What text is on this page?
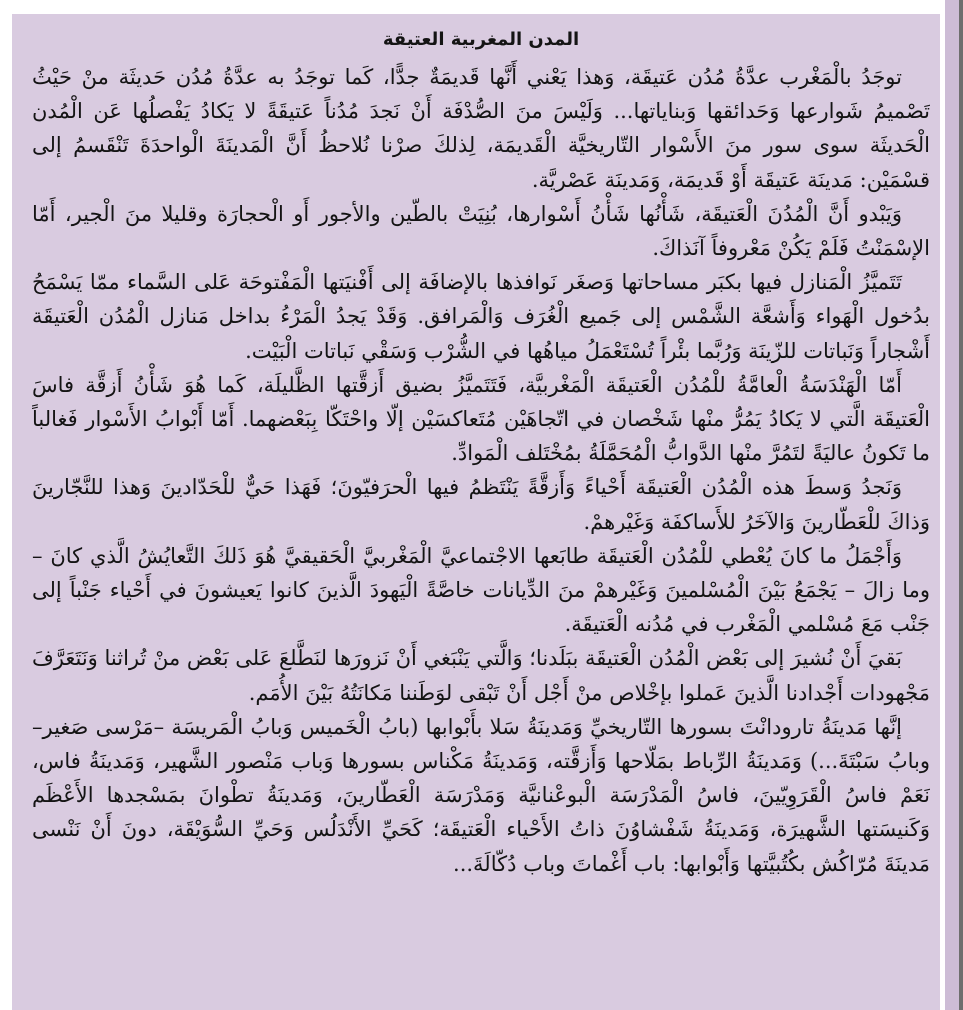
المدن المغربية العتيقة

توجَدُ بالْمَغْرب عدَّةُ مُدُن عَتيقَة، وَهذا يَعْني أَنَّها قَديمَةٌ جدًّا، كَما توجَدُ به عدَّةُ مُدُن حَديثَة منْ حَيْثُ تَصْميمُ شَوارعها وَحَدائقها وَبناياتها... وَلَيْسَ منَ الصُّدْفَة أَنْ نَجدَ مُدُناً عَتيقَةً لا يَكادُ يَفْصلُها عَن الْمُدن الْحَديثَة سوى سور منَ الأَسْوار التّاريخيَّة الْقَديمَة، لِذلكَ صرْنا نُلاحظُ أَنَّ الْمَدينَةَ الْواحدَةَ تَنْقَسمُ إلى قسْمَيْن: مَدينَة عَتيقَة أَوْ قَديمَة، وَمَدينَة عَصْريَّة.

وَيَبْدو أَنَّ الْمُدُنَ الْعَتيقَة، شَأْنُها شَأْنُ أَسْوارها، بُنِيَتْ بالطّين والأجور أَو الْحجارَة وقليلا منَ الْجير، أَمّا الإسْمَنْتُ فَلَمْ يَكُنْ مَعْروفاً آنَذاكَ.

تَتَميَّزُ الْمَنازل فيها بكبَر مساحاتها وَصغَر نَوافذها بالإضافَة إلى أَفْنيَتها الْمَفْتوحَة عَلى السَّماء ممّا يَسْمَحُ بدُخول الْهَواء وَأَشعَّة الشَّمْس إلى جَميع الْغُرَف وَالْمَرافق. وَقَدْ يَجدُ الْمَرْءُ بداخل مَنازل الْمُدُن الْعَتيقَة أَشْجاراً وَنَباتات للزّينَة وَرُبَّما بئْراً تُسْتَعْمَلُ مياهُها في الشُّرْب وَسَقْي نَباتات الْبَيْت.

أَمّا الْهَنْدَسَةُ الْعامَّةُ للْمُدُن الْعَتيقَة الْمَغْربيَّة، فَتَتَميَّزُ بضيق أَزقَّتها الظَّليلَة، كَما هُوَ شَأْنُ أَزقَّة فاسَ الْعَتيقَة الَّتي لا يَكادُ يَمُرُّ منْها شَخْصان في اتّجاهَيْن مُتَعاكسَيْن إلّا واحْتَكّا بِبَعْضهما. أَمّا أَبْوابُ الأَسْوار فَغالباً ما تَكونُ عاليَةً لتَمُرَّ منْها الدَّوابُّ الْمُحَمَّلَةُ بمُخْتَلف الْمَوادِّ.

وَنَجدُ وَسطَ هذه الْمُدُن الْعَتيقَة أَحْياءً وَأَزقَّةً يَنْتَظمُ فيها الْحرَفيّونَ؛ فَهَذا حَيٌّ للْحَدّادينَ وَهذا للنَّجّارينَ وَذاكَ للْعَطّارينَ وَالآخَرُ للأَساكفَة وَغَيْرهمْ.

وَأَجْمَلُ ما كانَ يُعْطي للْمُدُن الْعَتيقَة طابَعها الاجْتماعيَّ الْمَغْربيَّ الْحَقيقيَّ هُوَ ذَلكَ التَّعايُشُ الَّذي كانَ – وما زالَ – يَجْمَعُ بَيْنَ الْمُسْلمينَ وَغَيْرهمْ منَ الدِّيانات خاصَّةً الْيَهودَ الَّذينَ كانوا يَعيشونَ في أَحْياء جَنْباً إلى جَنْب مَعَ مُسْلمي الْمَغْرب في مُدُنه الْعَتيقَة.

بَقيَ أَنْ نُشيرَ إلى بَعْض الْمُدُن الْعَتيقَة ببَلَدنا؛ وَالَّتي يَنْبَغي أَنْ نَزورَها لنَطَّلعَ عَلى بَعْض منْ تُراثنا وَنَتَعَرَّفَ مَجْهودات أَجْدادنا الَّذينَ عَملوا بإخْلاص منْ أَجْل أَنْ تَبْقى لوَطَننا مَكانَتُهُ بَيْنَ الأُمَم.

إنَّها مَدينَةُ تارودانْتَ بسورها التّاريخيِّ وَمَدينَةُ سَلا بأَبْوابها (بابُ الْخَميس وَبابُ الْمَريسَة –مَرْسى صَغير– وبابُ سَبْتَةَ...) وَمَدينَةُ الرِّباط بمَلّاحها وَأَزقَّته، وَمَدينَةُ مَكْناس بسورها وَباب مَنْصور الشَّهير، وَمَدينَةُ فاس، نَعَمْ فاسُ الْقَرَوِيّينَ، فاسُ الْمَدْرَسَة الْبوعْنانيَّة وَمَدْرَسَة الْعَطّارينَ، وَمَدينَةُ تطْوانَ بمَسْجدها الأَعْظَم وَكَنيسَتها الشَّهيرَة، وَمَدينَةُ شَفْشاوُنَ ذاتُ الأَحْياء الْعَتيقَة؛ كَحَيِّ الأَنْدَلُس وَحَيِّ السُّوَيْقَة، دونَ أَنْ نَنْسى مَدينَةَ مُرّاكُش بكُتُبيَّتها وَأَبْوابها: باب أَغْماتَ وباب دُكّالَةَ...
